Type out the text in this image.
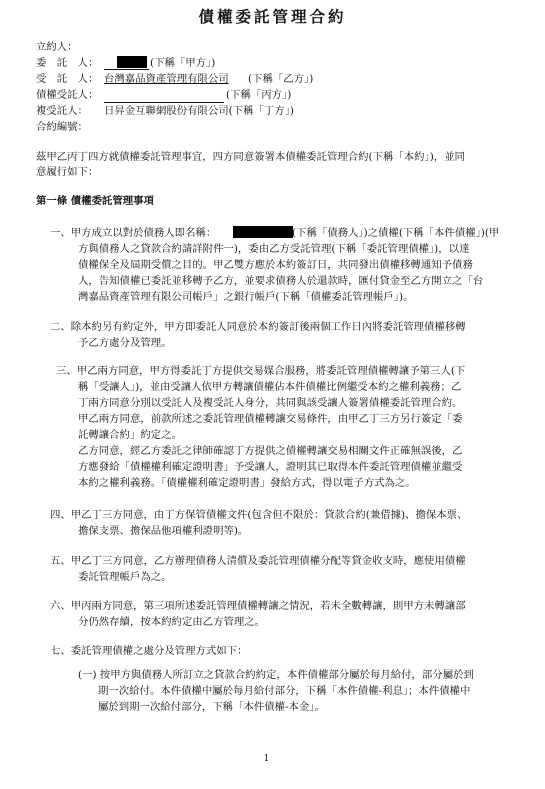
債權委託管理合約
立約人：
委　託　人：	(下稱「甲方」)
受　託　人： 台灣嘉品資產管理有限公司 (下稱「乙方」)
債權受託人：	(下稱「丙方」)
複受託人： 日昇金互聯網股份有限公司(下稱「丁方」)
合約編號：
茲甲乙丙丁四方就債權委託管理事宜，四方同意簽署本債權委託管理合約(下稱「本約」)，並同
意履行如下：
第一條 債權委託管理事項
一、甲方成立以對於債務人即名稱：	(下稱「債務人」)之債權(下稱「本件債權」)(甲
方與債務人之貸款合約請詳附件一)，委由乙方受託管理(下稱「委託管理債權」)，以達
債權保全及屆期受償之目的。甲乙雙方應於本約簽訂日，共同發出債權移轉通知予債務
人，告知債權已委託並移轉予乙方，並要求債務人於還款時，匯付貸金至乙方開立之「台
灣嘉品資產管理有限公司帳戶」之銀行帳戶(下稱「債權委託管理帳戶」)。
二、除本約另有約定外，甲方即委託人同意於本約簽訂後兩個工作日內將委託管理債權移轉
予乙方處分及管理。
三、甲乙兩方同意，甲方得委託丁方提供交易媒合服務，將委託管理債權轉讓予第三人(下
稱「受讓人」)，並由受讓人依甲方轉讓債權佔本件債權比例繼受本約之權利義務；乙
丁兩方同意分別以受託人及複受託人身分，共同與該受讓人簽署債權委託管理合約。
甲乙兩方同意，前款所述之委託管理債權轉讓交易條件，由甲乙丁三方另行簽定「委
託轉讓合約」約定之。
乙方同意，經乙方委託之律師確認丁方提供之債權轉讓交易相關文件正確無誤後，乙
方應發給「債權權利確定證明書」予受讓人，證明其已取得本件委託管理債權並繼受
本約之權利義務。「債權權利確定證明書」發給方式，得以電子方式為之。
四、甲乙丁三方同意，由丁方保管債權文件(包含但不限於：貸款合約(兼借據)、擔保本票、
擔保支票、擔保品他項權利證明等)。
五、甲乙丁三方同意，乙方辦理債務人清償及委託管理債權分配等貸金收支時，應使用債權
委託管理帳戶為之。
六、甲丙兩方同意，第三項所述委託管理債權轉讓之情況，若未全數轉讓，則甲方未轉讓部
分仍然存續，按本約約定由乙方管理之。
七、委託管理債權之處分及管理方式如下：
(一) 按甲方與債務人所訂立之貸款合約約定，本件債權部分屬於每月給付，部分屬於到
期一次給付。本件債權中屬於每月給付部分，下稱「本件債權-利息」；本件債權中
屬於到期一次給付部分，下稱「本件債權-本金」。
1
